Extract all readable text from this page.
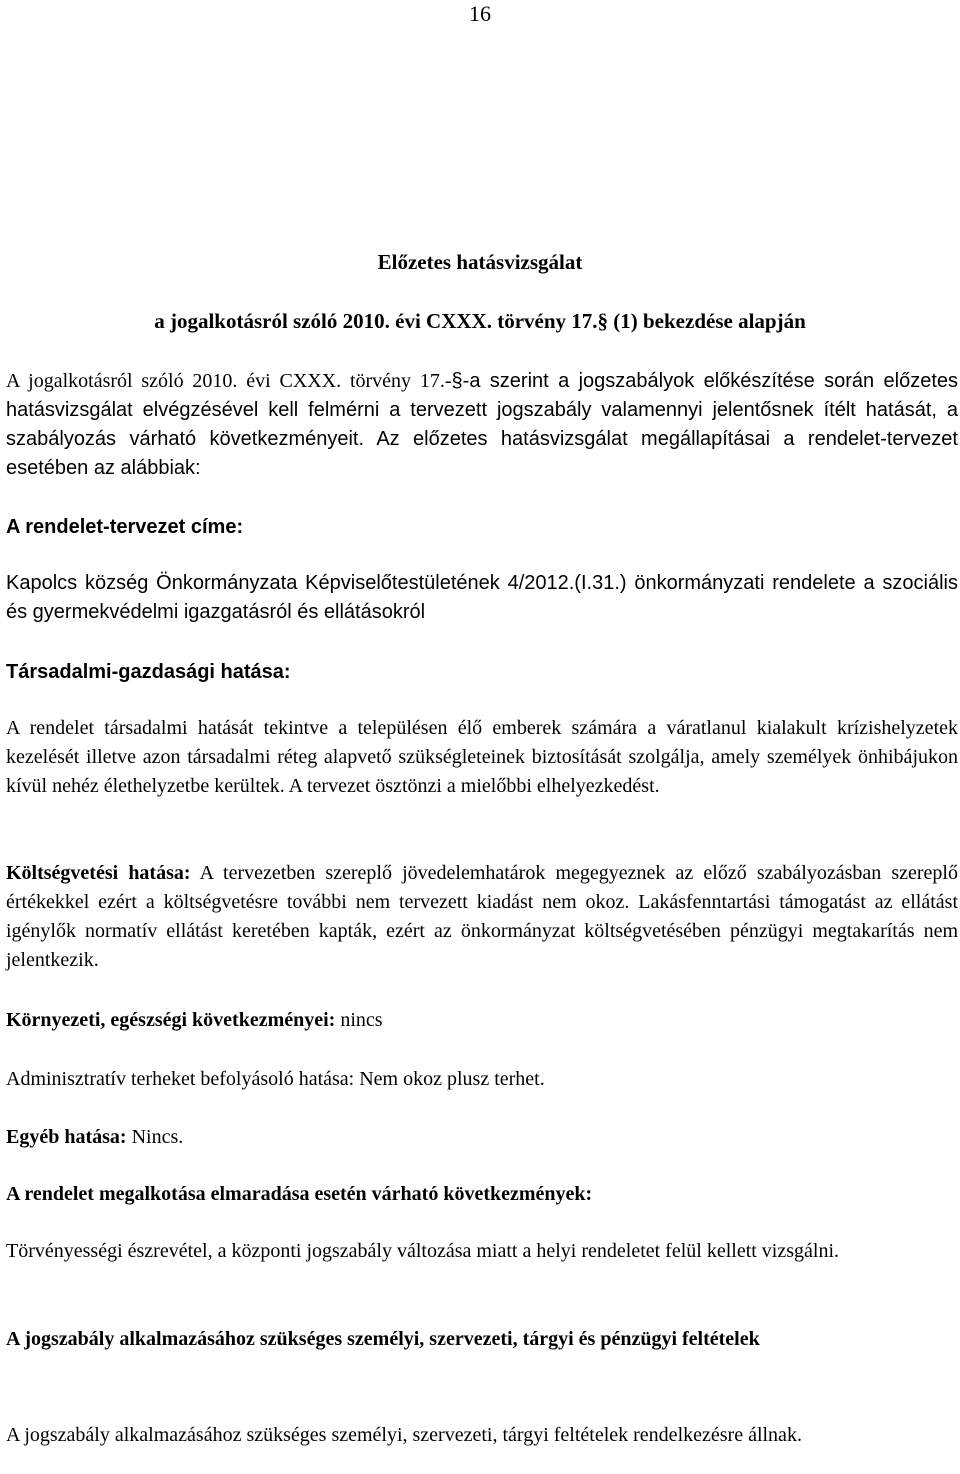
16
Előzetes hatásvizsgálat
a jogalkotásról szóló 2010. évi CXXX. törvény 17.§ (1) bekezdése alapján
A jogalkotásról szóló 2010. évi CXXX. törvény 17.-§-a szerint a jogszabályok előkészítése során előzetes hatásvizsgálat elvégzésével kell felmérni a tervezett jogszabály valamennyi jelentősnek ítélt hatását, a szabályozás várható következményeit. Az előzetes hatásvizsgálat megállapításai a rendelet-tervezet esetében az alábbiak:
A rendelet-tervezet címe:
Kapolcs község Önkormányzata Képviselőtestületének 4/2012.(I.31.) önkormányzati rendelete a szociális és gyermekvédelmi igazgatásról és ellátásokról
Társadalmi-gazdasági hatása:
A rendelet társadalmi hatását tekintve a településen élő emberek számára a váratlanul kialakult krízishelyzetek kezelését illetve azon társadalmi réteg alapvető szükségleteinek biztosítását szolgálja, amely személyek önhibájukon kívül nehéz élethelyzetbe kerültek. A tervezet ösztönzi a mielőbbi elhelyezkedést.
Költségvetési hatása: A tervezetben szereplő jövedelemhatárok megegyeznek az előző szabályozásban szereplő értékekkel ezért a költségvetésre további nem tervezett kiadást nem okoz. Lakásfenntartási támogatást az ellátást igénylők normatív ellátást keretében kapták, ezért az önkormányzat költségvetésében pénzügyi megtakarítás nem jelentkezik.
Környezeti, egészségi következményei: nincs
Adminisztratív terheket befolyásoló hatása: Nem okoz plusz terhet.
Egyéb hatása: Nincs.
A rendelet megalkotása elmaradása esetén várható következmények:
Törvényességi észrevétel, a központi jogszabály változása miatt a helyi rendeletet felül kellett vizsgálni.
A jogszabály alkalmazásához szükséges személyi, szervezeti, tárgyi és pénzügyi feltételek
A jogszabály alkalmazásához szükséges személyi, szervezeti, tárgyi feltételek rendelkezésre állnak.
